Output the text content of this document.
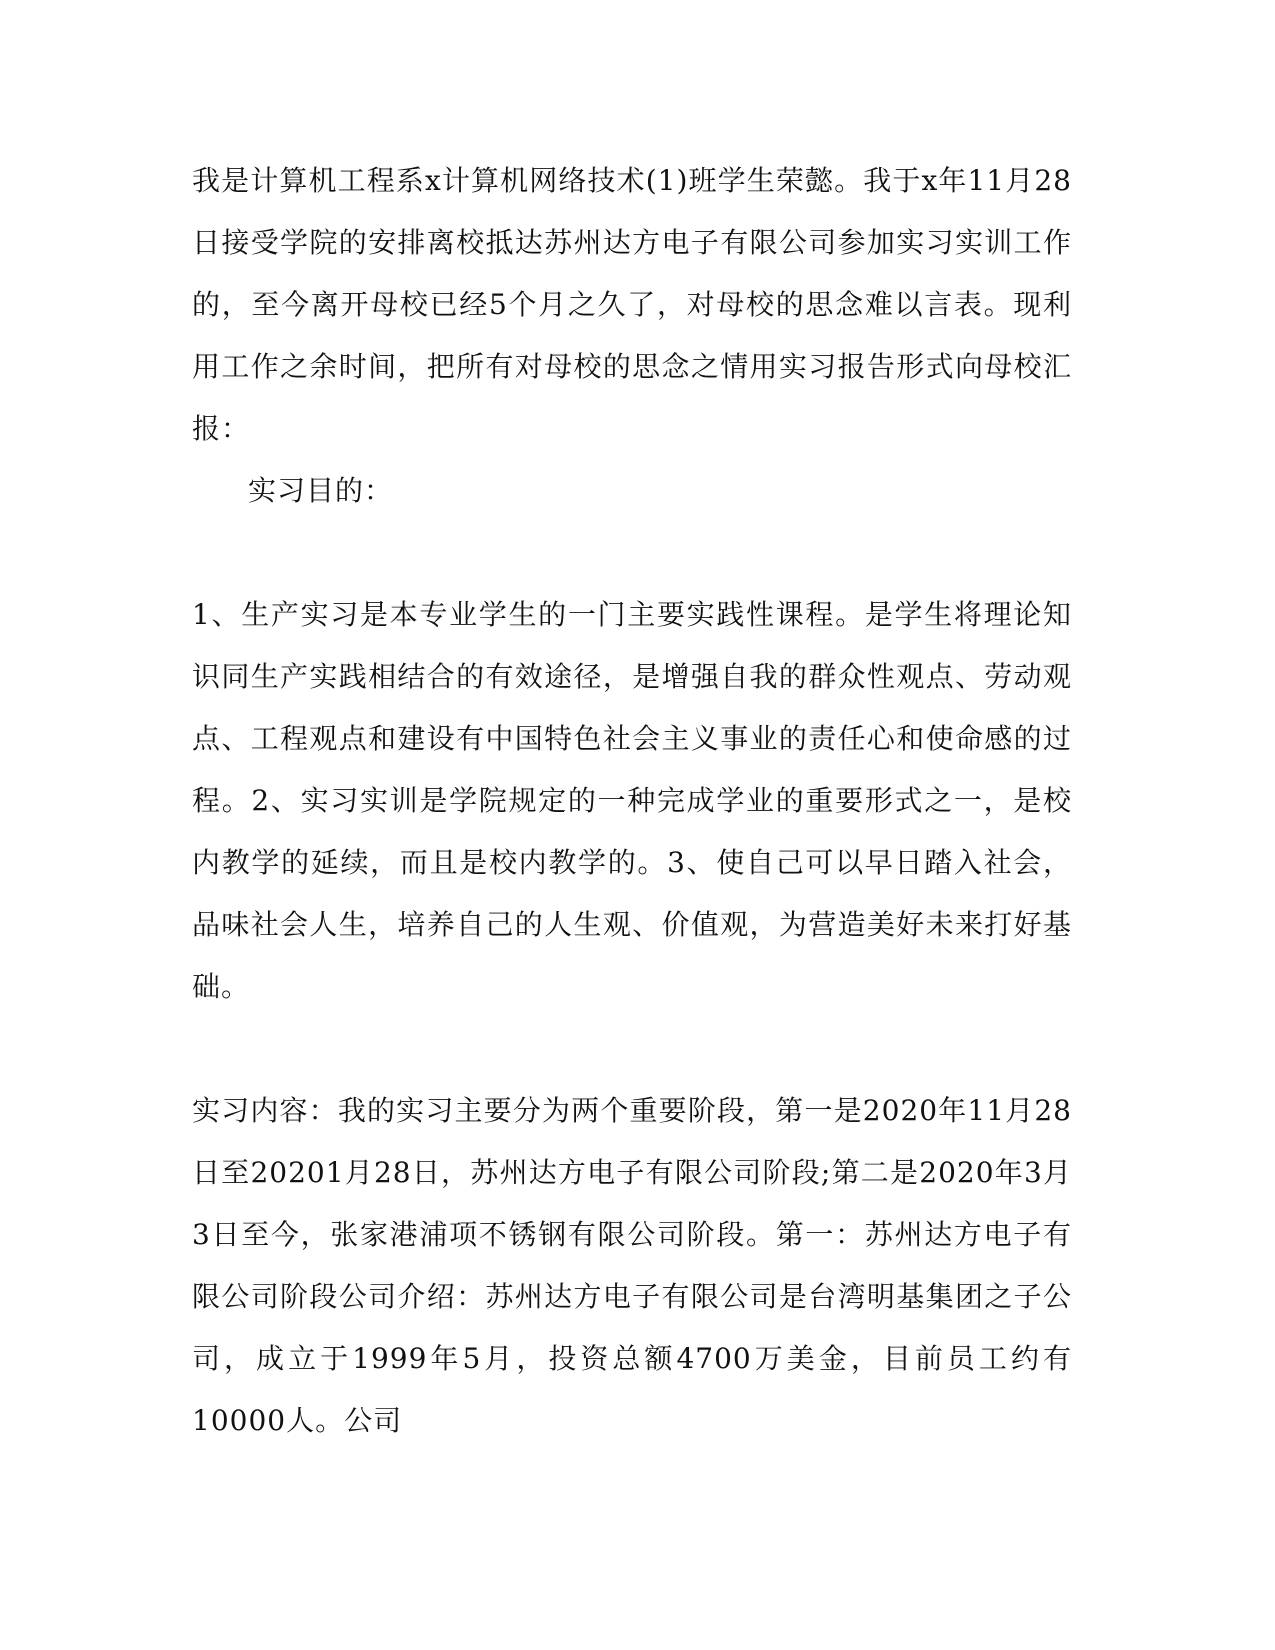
我是计算机工程系x计算机网络技术(1)班学生荣懿。我于x年11月28日接受学院的安排离校抵达苏州达方电子有限公司参加实习实训工作的，至今离开母校已经5个月之久了，对母校的思念难以言表。现利用工作之余时间，把所有对母校的思念之情用实习报告形式向母校汇报：

实习目的：

1、生产实习是本专业学生的一门主要实践性课程。是学生将理论知识同生产实践相结合的有效途径，是增强自我的群众性观点、劳动观点、工程观点和建设有中国特色社会主义事业的责任心和使命感的过程。2、实习实训是学院规定的一种完成学业的重要形式之一，是校内教学的延续，而且是校内教学的。3、使自己可以早日踏入社会，品味社会人生，培养自己的人生观、价值观，为营造美好未来打好基础。

实习内容：我的实习主要分为两个重要阶段，第一是2020年11月28日至20201月28日，苏州达方电子有限公司阶段;第二是2020年3月3日至今，张家港浦项不锈钢有限公司阶段。第一：苏州达方电子有限公司阶段公司介绍：苏州达方电子有限公司是台湾明基集团之子公司，成立于1999年5月，投资总额4700万美金，目前员工约有10000人。公司
